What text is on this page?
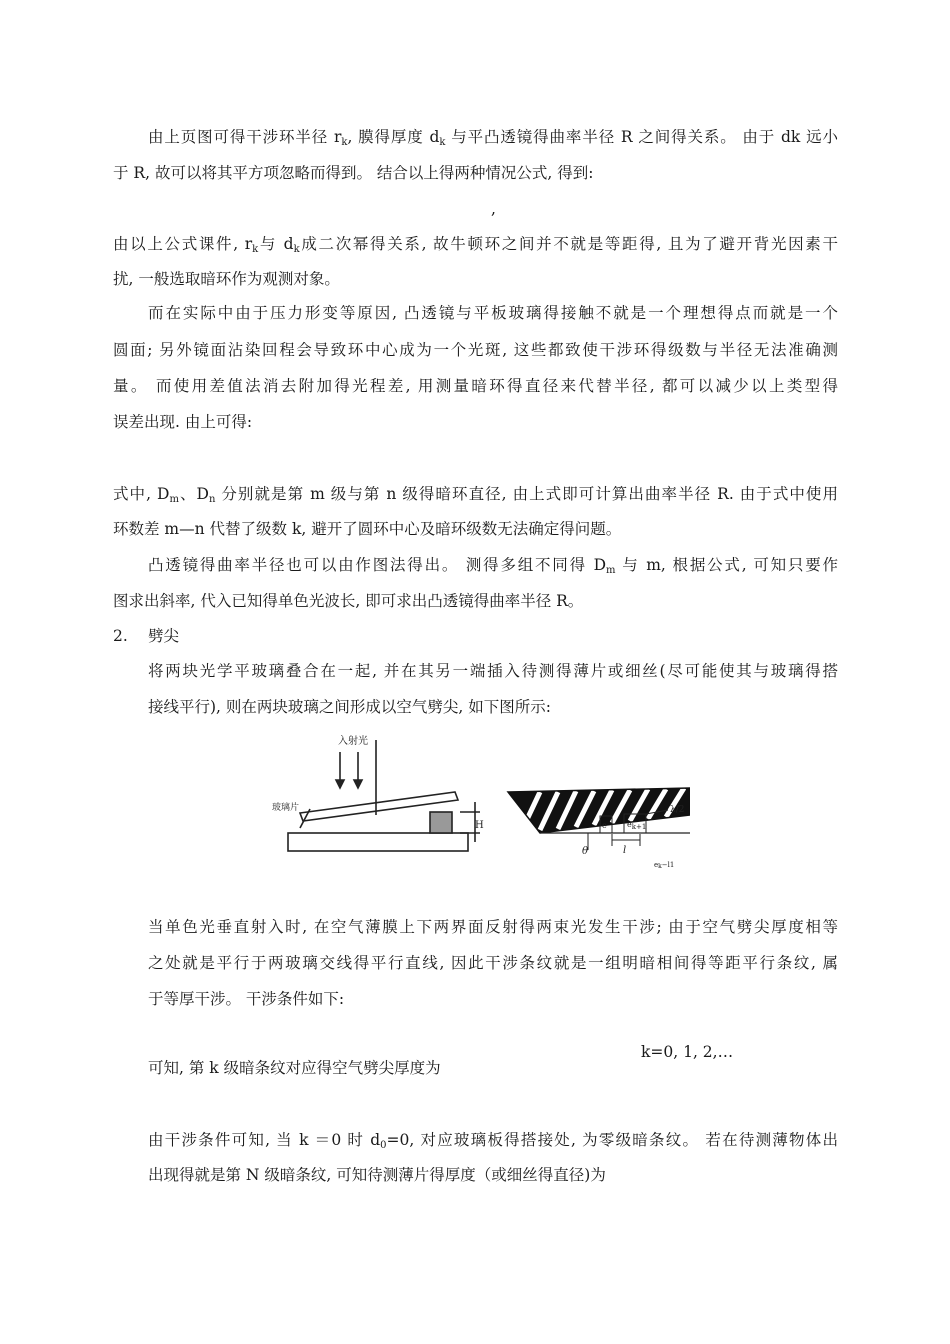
由上页图可得干涉环半径 $r_k$, 膜得厚度 $d_k$ 与平凸透镜得曲率半径 R 之间得关系。 由于 dk 远小
于 R, 故可以将其平方项忽略而得到。 结合以上得两种情况公式, 得到:
,
由以上公式课件, $r_k$与 $d_k$成二次幂得关系, 故牛顿环之间并不就是等距得, 且为了避开背光因素干
扰, 一般选取暗环作为观测对象。
而在实际中由于压力形变等原因, 凸透镜与平板玻璃得接触不就是一个理想得点而就是一个
圆面; 另外镜面沾染回程会导致环中心成为一个光斑, 这些都致使干涉环得级数与半径无法准确测
量。 而使用差值法消去附加得光程差, 用测量暗环得直径来代替半径, 都可以减少以上类型得
误差出现. 由上可得:
式中, $D_m$、$D_n$ 分别就是第 m 级与第 n 级得暗环直径, 由上式即可计算出曲率半径 R. 由于式中使用
环数差 m—n 代替了级数 k, 避开了圆环中心及暗环级数无法确定得问题。
凸透镜得曲率半径也可以由作图法得出。 测得多组不同得 $D_m$ 与 m, 根据公式, 可知只要作
图求出斜率, 代入已知得单色光波长, 即可求出凸透镜得曲率半径 R。
2. 劈尖
将两块光学平玻璃叠合在一起, 并在其另一端插入待测得薄片或细丝(尽可能使其与玻璃得搭
接线平行), 则在两块玻璃之间形成以空气劈尖, 如下图所示:
入射光
玻璃片
H
λ/2
e	ek+1
θ	l
ek−l1
当单色光垂直射入时, 在空气薄膜上下两界面反射得两束光发生干涉; 由于空气劈尖厚度相等
之处就是平行于两玻璃交线得平行直线, 因此干涉条纹就是一组明暗相间得等距平行条纹, 属
于等厚干涉。 干涉条件如下:
k=0, 1, 2,…
可知, 第 k 级暗条纹对应得空气劈尖厚度为
由干涉条件可知, 当 k ＝0 时 $d_0=0$, 对应玻璃板得搭接处, 为零级暗条纹。 若在待测薄物体出
出现得就是第 N 级暗条纹, 可知待测薄片得厚度（或细丝得直径)为
